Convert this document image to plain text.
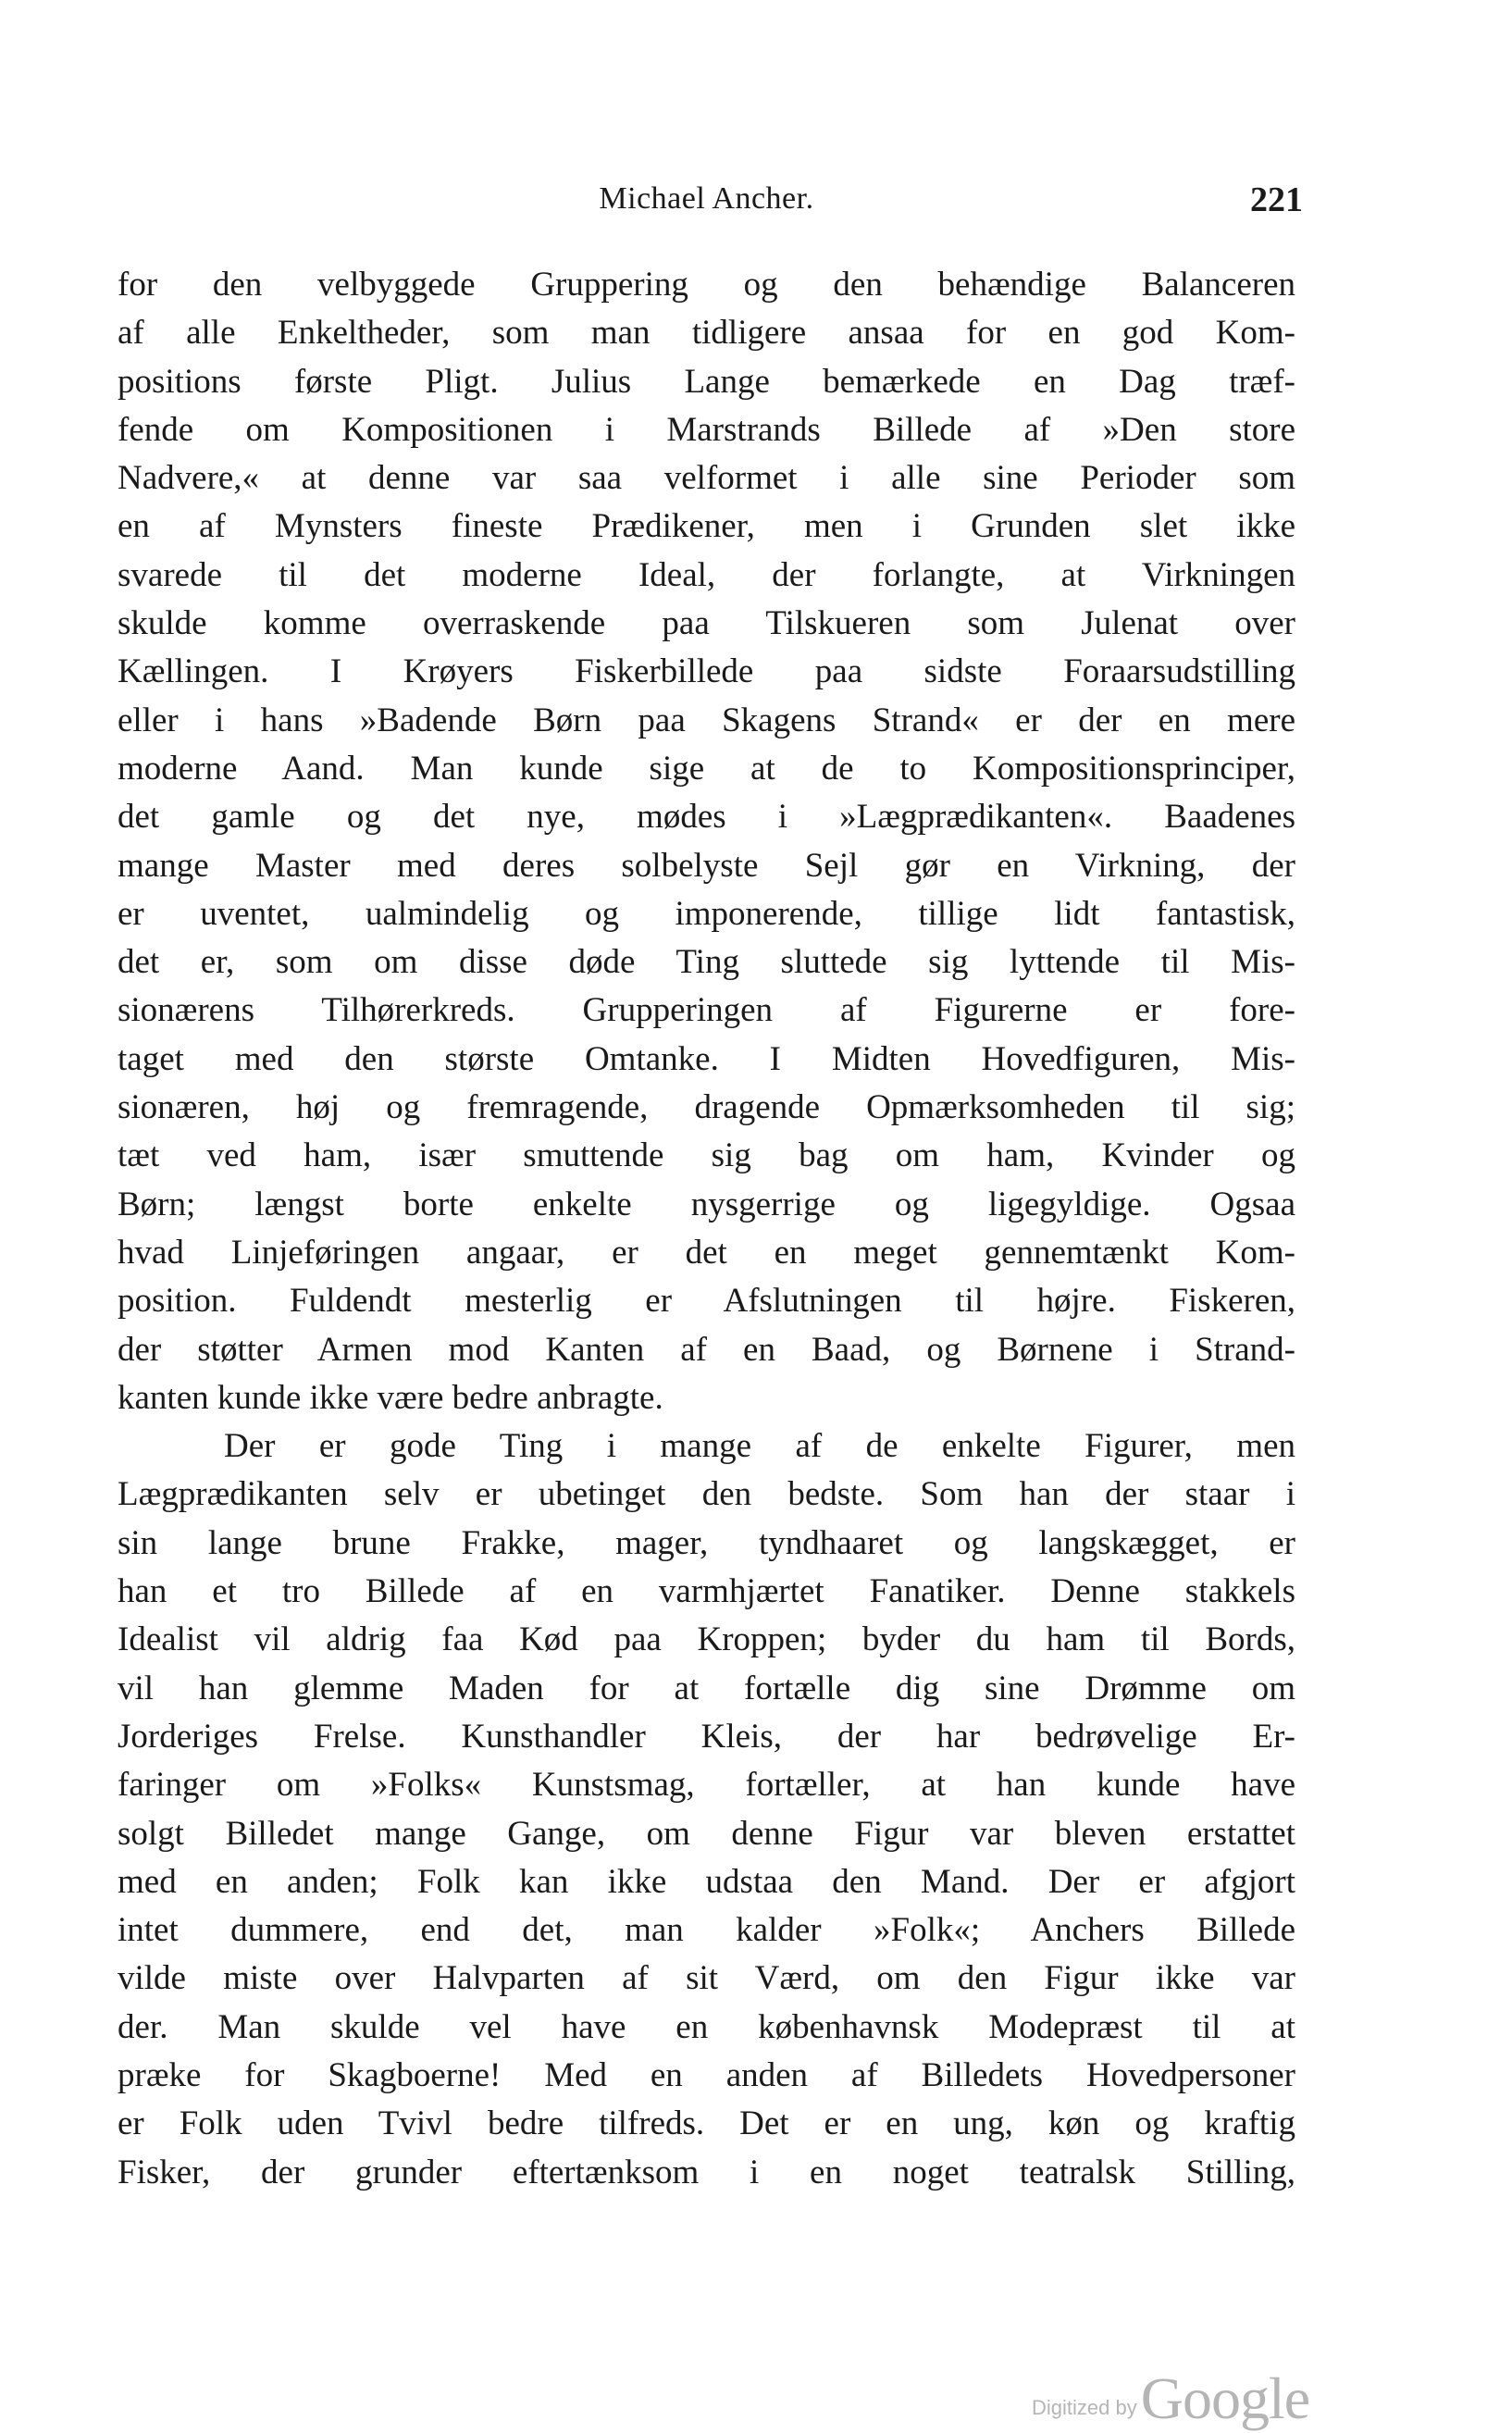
Michael Ancher.	221
for den velbyggede Gruppering og den behændige Balanceren
af alle Enkeltheder, som man tidligere ansaa for en god Kom-
positions første Pligt. Julius Lange bemærkede en Dag træf-
fende om Kompositionen i Marstrands Billede af »Den store
Nadvere,« at denne var saa velformet i alle sine Perioder som
en af Mynsters fineste Prædikener, men i Grunden slet ikke
svarede til det moderne Ideal, der forlangte, at Virkningen
skulde komme overraskende paa Tilskueren som Julenat over
Kællingen. I Krøyers Fiskerbillede paa sidste Foraarsudstilling
eller i hans »Badende Børn paa Skagens Strand« er der en mere
moderne Aand. Man kunde sige at de to Kompositionsprinciper,
det gamle og det nye, mødes i »Lægprædikanten«. Baadenes
mange Master med deres solbelyste Sejl gør en Virkning, der
er uventet, ualmindelig og imponerende, tillige lidt fantastisk,
det er, som om disse døde Ting sluttede sig lyttende til Mis-
sionærens Tilhørerkreds. Grupperingen af Figurerne er fore-
taget med den største Omtanke. I Midten Hovedfiguren, Mis-
sionæren, høj og fremragende, dragende Opmærksomheden til sig;
tæt ved ham, især smuttende sig bag om ham, Kvinder og
Børn; længst borte enkelte nysgerrige og ligegyldige. Ogsaa
hvad Linjeføringen angaar, er det en meget gennemtænkt Kom-
position. Fuldendt mesterlig er Afslutningen til højre. Fiskeren,
der støtter Armen mod Kanten af en Baad, og Børnene i Strand-
kanten kunde ikke være bedre anbragte.
Der er gode Ting i mange af de enkelte Figurer, men
Lægprædikanten selv er ubetinget den bedste. Som han der staar i
sin lange brune Frakke, mager, tyndhaaret og langskægget, er
han et tro Billede af en varmhjærtet Fanatiker. Denne stakkels
Idealist vil aldrig faa Kød paa Kroppen; byder du ham til Bords,
vil han glemme Maden for at fortælle dig sine Drømme om
Jorderiges Frelse. Kunsthandler Kleis, der har bedrøvelige Er-
faringer om »Folks« Kunstsmag, fortæller, at han kunde have
solgt Billedet mange Gange, om denne Figur var bleven erstattet
med en anden; Folk kan ikke udstaa den Mand. Der er afgjort
intet dummere, end det, man kalder »Folk«; Anchers Billede
vilde miste over Halvparten af sit Værd, om den Figur ikke var
der. Man skulde vel have en københavnsk Modepræst til at
præke for Skagboerne! Med en anden af Billedets Hovedpersoner
er Folk uden Tvivl bedre tilfreds. Det er en ung, køn og kraftig
Fisker, der grunder eftertænksom i en noget teatralsk Stilling,
Digitized by Google
